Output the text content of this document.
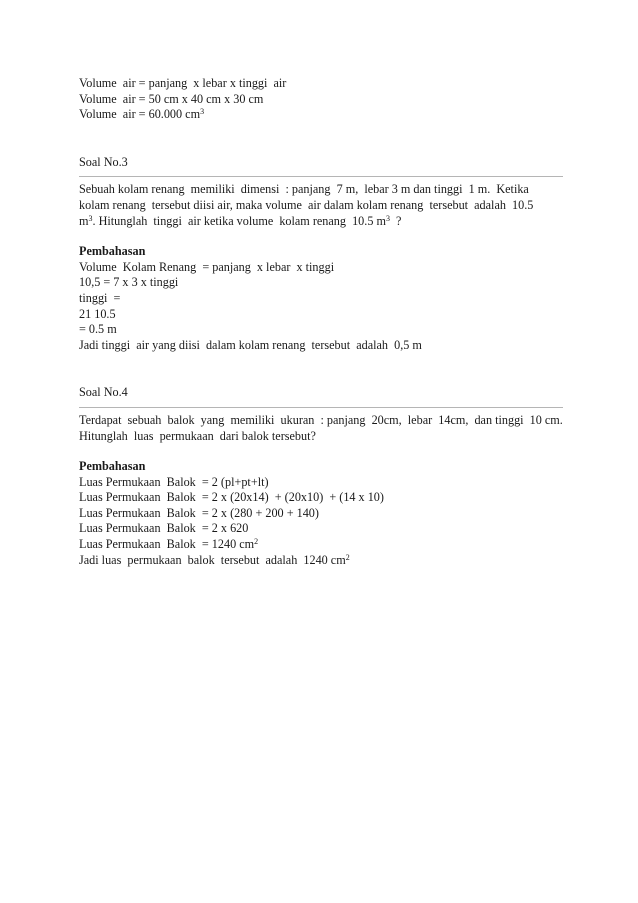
Volume  air = panjang  x lebar x tinggi  air
Volume  air = 50 cm x 40 cm x 30 cm
Volume  air = 60.000 $cm^3$
Soal No.3
Sebuah kolam renang  memiliki  dimensi  : panjang  7 m,  lebar 3 m dan tinggi  1 m.  Ketika
kolam renang  tersebut diisi air, maka volume  air dalam kolam renang  tersebut  adalah  10.5
$m^3$. Hitunglah  tinggi  air ketika volume  kolam renang  10.5 $m^3$  ?
Pembahasan
Volume  Kolam Renang  = panjang  x lebar  x tinggi
10,5 = 7 x 3 x tinggi
tinggi  =
21 10.5
= 0.5 m
Jadi tinggi  air yang diisi  dalam kolam renang  tersebut  adalah  0,5 m
Soal No.4
Terdapat  sebuah  balok  yang  memiliki  ukuran  : panjang  20cm,  lebar  14cm,  dan tinggi  10 cm.
Hitunglah  luas  permukaan  dari balok tersebut?
Pembahasan
Luas Permukaan  Balok  = 2 (pl+pt+lt)
Luas Permukaan  Balok  = 2 x (20x14)  + (20x10)  + (14 x 10)
Luas Permukaan  Balok  = 2 x (280 + 200 + 140)
Luas Permukaan  Balok  = 2 x 620
Luas Permukaan  Balok  = 1240 $cm^2$
Jadi luas  permukaan  balok  tersebut  adalah  1240 $cm^2$
